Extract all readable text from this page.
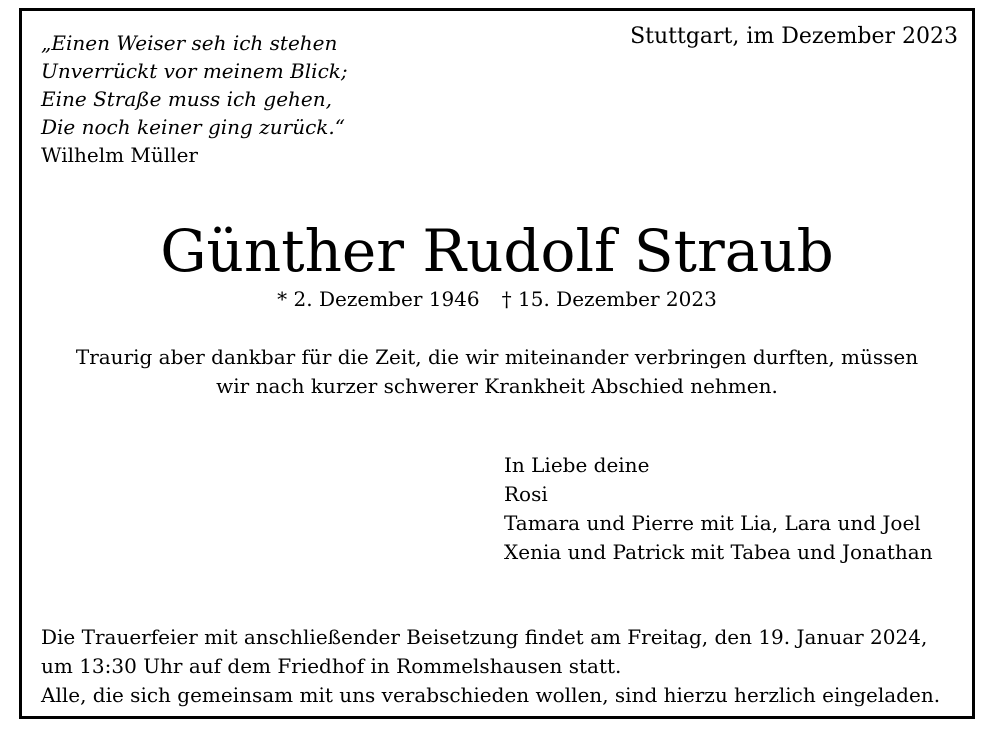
„Einen Weiser seh ich stehen
Unverrückt vor meinem Blick;
Eine Straße muss ich gehen,
Die noch keiner ging zurück.“
Wilhelm Müller
Stuttgart, im Dezember 2023
Günther Rudolf Straub
* 2. Dezember 1946 † 15. Dezember 2023
Traurig aber dankbar für die Zeit, die wir miteinander verbringen durften, müssen wir nach kurzer schwerer Krankheit Abschied nehmen.
In Liebe deine
Rosi
Tamara und Pierre mit Lia, Lara und Joel
Xenia und Patrick mit Tabea und Jonathan
Die Trauerfeier mit anschließender Beisetzung findet am Freitag, den 19. Januar 2024,
um 13:30 Uhr auf dem Friedhof in Rommelshausen statt.
Alle, die sich gemeinsam mit uns verabschieden wollen, sind hierzu herzlich eingeladen.
